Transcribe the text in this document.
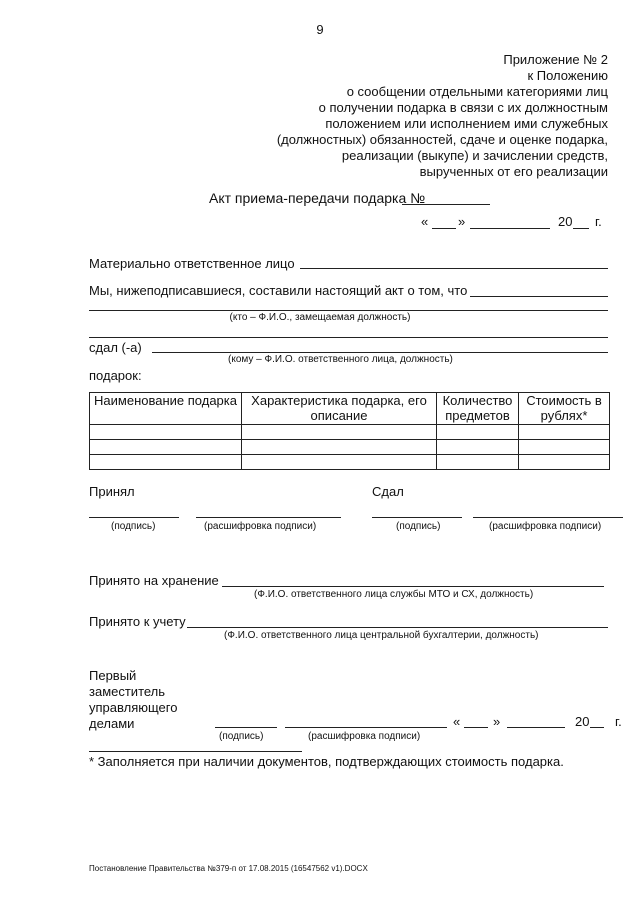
9
Приложение № 2
к Положению
о сообщении отдельными категориями лиц
о получении подарка в связи с их должностным
положением или исполнением ими служебных
(должностных) обязанностей, сдаче и оценке подарка,
реализации (выкупе) и зачислении средств,
вырученных от его реализации
Акт приема-передачи подарка №
« »	20 г.
Материально ответственное лицо
Мы, нижеподписавшиеся, составили настоящий акт о том, что
(кто – Ф.И.О., замещаемая должность)
сдал (-а)
(кому – Ф.И.О. ответственного лица, должность)
подарок:
Наименование подарка	Характеристика подарка, его описание	Количество предметов	Стоимость в рублях*

Принял	Сдал
(подпись)	(расшифровка подписи)	(подпись)	(расшифровка подписи)
Принято на хранение
(Ф.И.О. ответственного лица службы МТО и СХ, должность)
Принято к учету
(Ф.И.О. ответственного лица центральной бухгалтерии, должность)
Первый
заместитель
управляющего
делами	«	»	20 г.
(подпись)	(расшифровка подписи)
* Заполняется при наличии документов, подтверждающих стоимость подарка.
Постановление Правительства №379-п от 17.08.2015 (16547562 v1).DOCX
